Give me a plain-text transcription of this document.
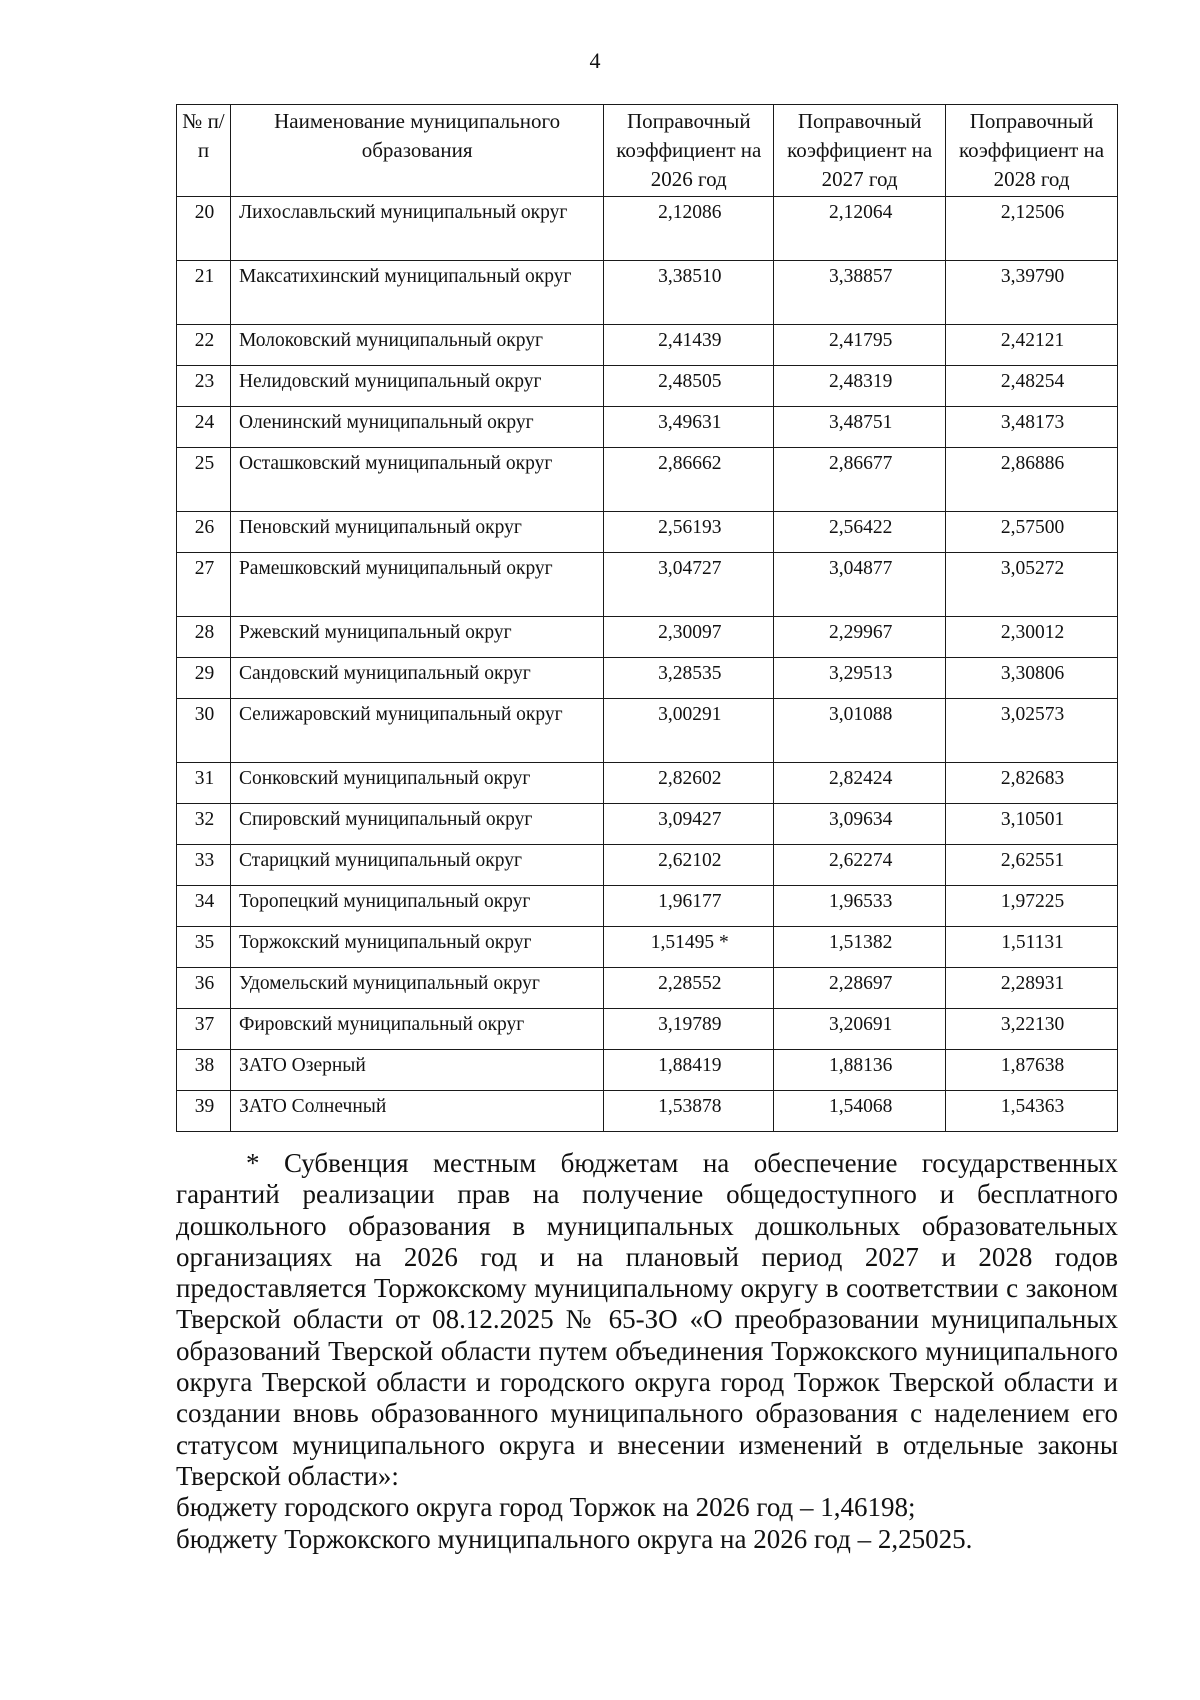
4
№ п/п	Наименование муниципального образования	Поправочный коэффициент на 2026 год	Поправочный коэффициент на 2027 год	Поправочный коэффициент на 2028 год
20	Лихославльский муниципальный округ	2,12086	2,12064	2,12506
21	Максатихинский муниципальный округ	3,38510	3,38857	3,39790
22	Молоковский муниципальный округ	2,41439	2,41795	2,42121
23	Нелидовский муниципальный округ	2,48505	2,48319	2,48254
24	Оленинский муниципальный округ	3,49631	3,48751	3,48173
25	Осташковский муниципальный округ	2,86662	2,86677	2,86886
26	Пеновский муниципальный округ	2,56193	2,56422	2,57500
27	Рамешковский муниципальный округ	3,04727	3,04877	3,05272
28	Ржевский муниципальный округ	2,30097	2,29967	2,30012
29	Сандовский муниципальный округ	3,28535	3,29513	3,30806
30	Селижаровский муниципальный округ	3,00291	3,01088	3,02573
31	Сонковский муниципальный округ	2,82602	2,82424	2,82683
32	Спировский муниципальный округ	3,09427	3,09634	3,10501
33	Старицкий муниципальный округ	2,62102	2,62274	2,62551
34	Торопецкий муниципальный округ	1,96177	1,96533	1,97225
35	Торжокский муниципальный округ	1,51495 *	1,51382	1,51131
36	Удомельский муниципальный округ	2,28552	2,28697	2,28931
37	Фировский муниципальный округ	3,19789	3,20691	3,22130
38	ЗАТО Озерный	1,88419	1,88136	1,87638
39	ЗАТО Солнечный	1,53878	1,54068	1,54363

* Субвенция местным бюджетам на обеспечение государственных гарантий реализации прав на получение общедоступного и бесплатного дошкольного образования в муниципальных дошкольных образовательных организациях на 2026 год и на плановый период 2027 и 2028 годов предоставляется Торжокскому муниципальному округу в соответствии с законом Тверской области от 08.12.2025 № 65-ЗО «О преобразовании муниципальных образований Тверской области путем объединения Торжокского муниципального округа Тверской области и городского округа город Торжок Тверской области и создании вновь образованного муниципального образования с наделением его статусом муниципального округа и внесении изменений в отдельные законы Тверской области»:

бюджету городского округа город Торжок на 2026 год – 1,46198;

бюджету Торжокского муниципального округа на 2026 год – 2,25025.
